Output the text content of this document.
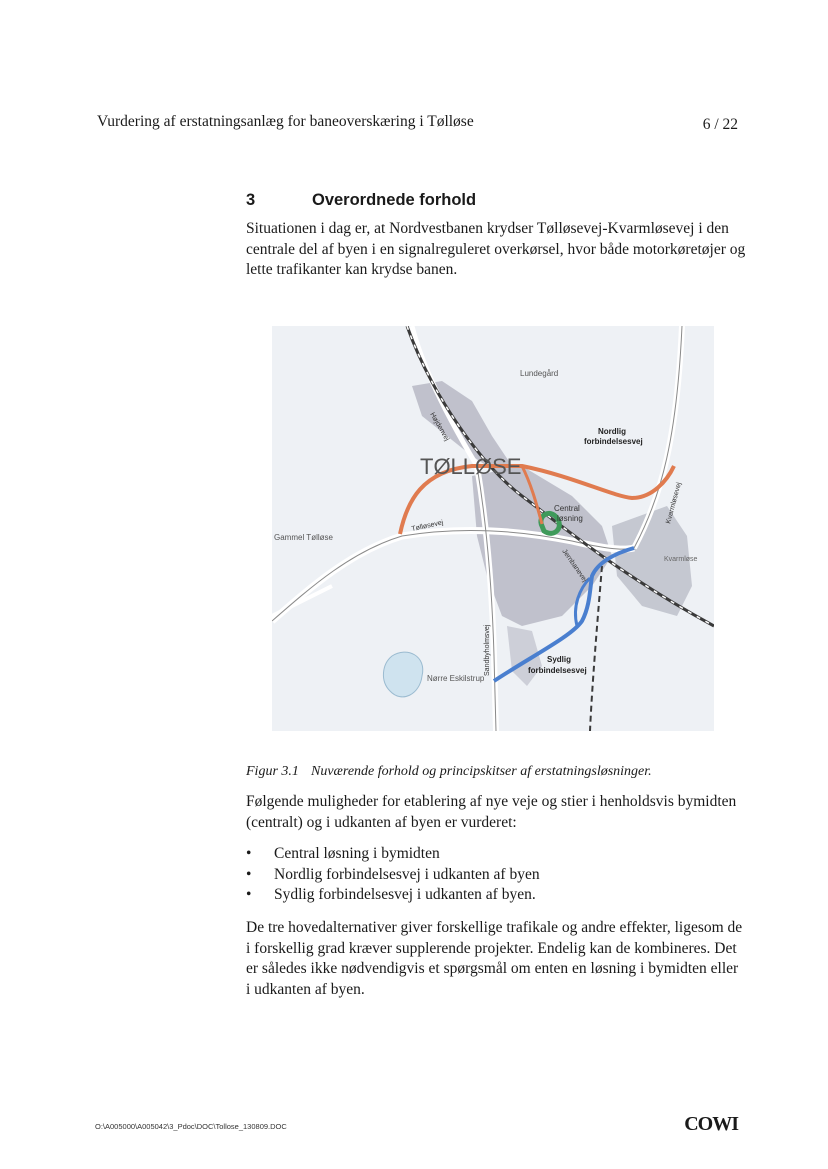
Vurdering af erstatningsanlæg for baneoverskæring i Tølløse	6 / 22
3	Overordnede forhold
Situationen i dag er, at Nordvestbanen krydser Tølløsevej-Kvarmløsevej i den centrale del af byen i en signalreguleret overkørsel, hvor både motorkøretøjer og lette trafikanter kan krydse banen.
TØLLØSE
Lundegård
Gammel Tølløse
Nørre Eskilstrup
Kvarmløse
Højdenvej
Tølløsevej
Kvarmløsevej
Jernbanevej
Sandbyholmsvej
Nordlig
forbindelsesvej
Central
løsning
Sydlig
forbindelsesvej
Figur 3.1 Nuværende forhold og principskitser af erstatningsløsninger.
Følgende muligheder for etablering af nye veje og stier i henholdsvis bymidten (centralt) og i udkanten af byen er vurderet:
• Central løsning i bymidten
• Nordlig forbindelsesvej i udkanten af byen
• Sydlig forbindelsesvej i udkanten af byen.
De tre hovedalternativer giver forskellige trafikale og andre effekter, ligesom de i forskellig grad kræver supplerende projekter. Endelig kan de kombineres. Det er således ikke nødvendigvis et spørgsmål om enten en løsning i bymidten eller i udkanten af byen.
O:\A005000\A005042\3_Pdoc\DOC\Tollose_130809.DOC	COWI
